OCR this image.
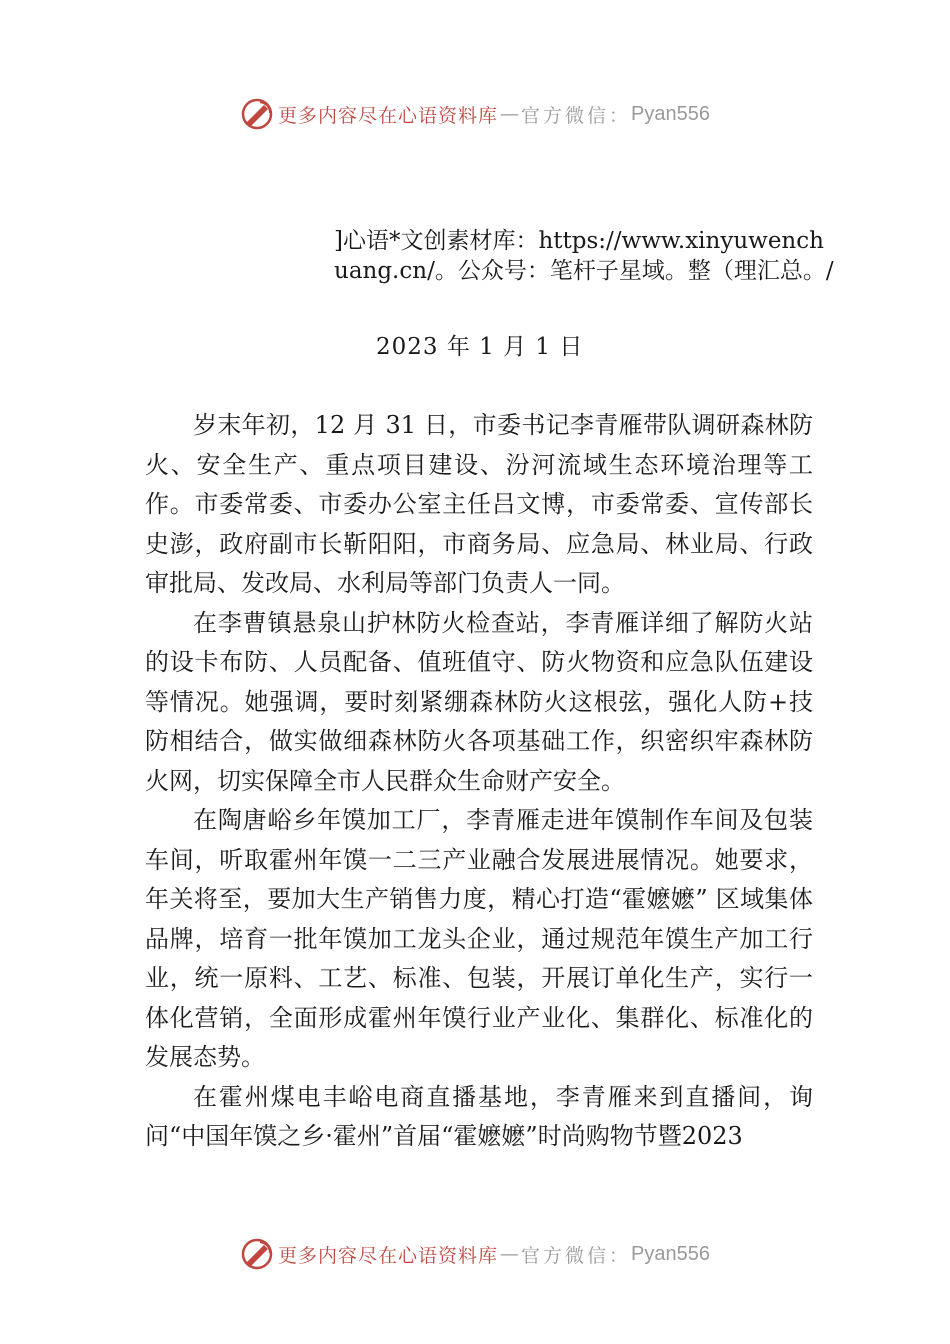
更多内容尽在心语资料库 — 官方微信： Pyan556
]心语*文创素材库：https://www.xinyuwenchuang.cn/。公众号：笔杆子星域。整（理汇总。/
2023 年 1 月 1 日

岁末年初，12 月 31 日，市委书记李青雁带队调研森林防火、安全生产、重点项目建设、汾河流域生态环境治理等工作。市委常委、市委办公室主任吕文博，市委常委、宣传部长史澎，政府副市长靳阳阳，市商务局、应急局、林业局、行政审批局、发改局、水利局等部门负责人一同。

在李曹镇悬泉山护林防火检查站，李青雁详细了解防火站的设卡布防、人员配备、值班值守、防火物资和应急队伍建设等情况。她强调，要时刻紧绷森林防火这根弦，强化人防+技防相结合，做实做细森林防火各项基础工作，织密织牢森林防火网，切实保障全市人民群众生命财产安全。

在陶唐峪乡年馍加工厂，李青雁走进年馍制作车间及包装车间，听取霍州年馍一二三产业融合发展进展情况。她要求，年关将至，要加大生产销售力度，精心打造“霍嬷嬷” 区域集体品牌，培育一批年馍加工龙头企业，通过规范年馍生产加工行业，统一原料、工艺、标准、包装，开展订单化生产，实行一体化营销，全面形成霍州年馍行业产业化、集群化、标准化的发展态势。

在霍州煤电丰峪电商直播基地，李青雁来到直播间，询问“中国年馍之乡·霍州”首届“霍嬷嬷”时尚购物节暨2023

更多内容尽在心语资料库 — 官方微信： Pyan556
